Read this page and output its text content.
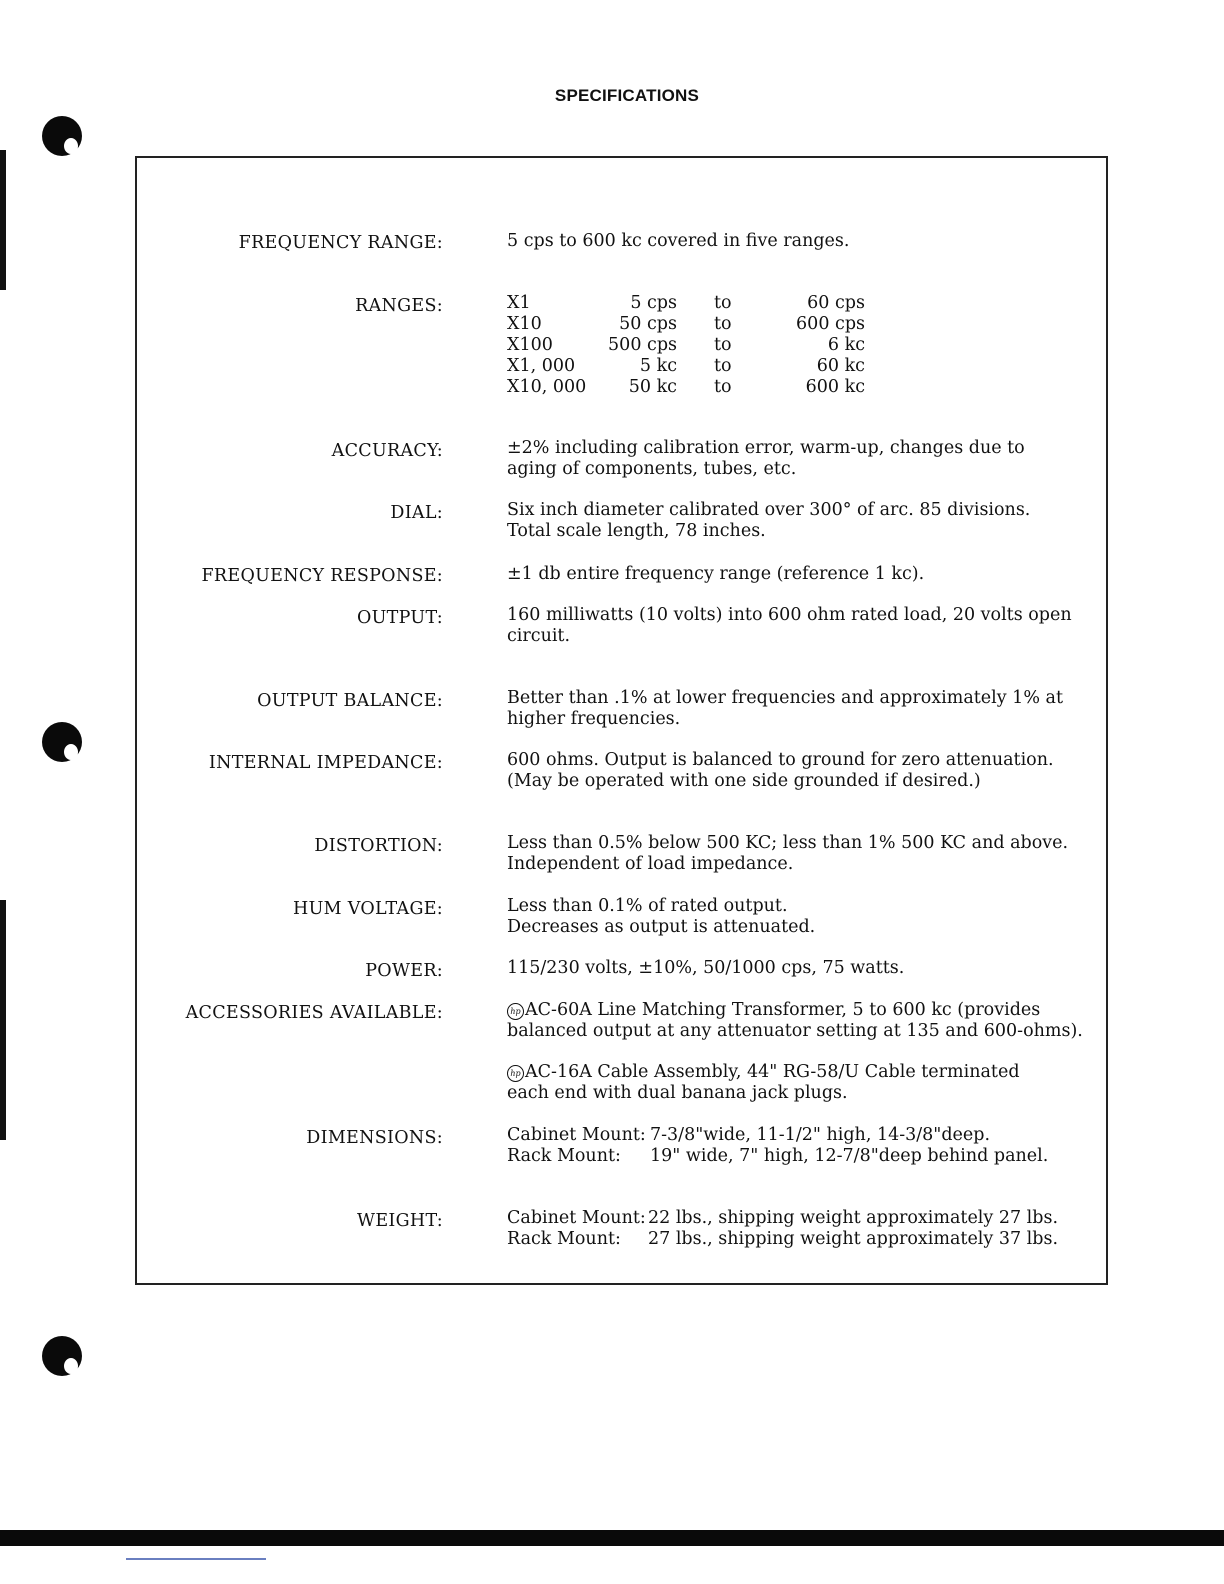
SPECIFICATIONS
FREQUENCY RANGE:	5 cps to 600 kc covered in five ranges.
RANGES:	X1	5 cps to	60 cps
X10	50 cps to	600 cps
X100	500 cps to	6 kc
X1, 000	5 kc to	60 kc
X10, 000	50 kc to	600 kc
ACCURACY:	±2% including calibration error, warm-up, changes due to
aging of components, tubes, etc.
DIAL:	Six inch diameter calibrated over 300° of arc. 85 divisions.
Total scale length, 78 inches.
FREQUENCY RESPONSE:	±1 db entire frequency range (reference 1 kc).
OUTPUT:	160 milliwatts (10 volts) into 600 ohm rated load, 20 volts open
circuit.
OUTPUT BALANCE:	Better than .1% at lower frequencies and approximately 1% at
higher frequencies.
INTERNAL IMPEDANCE:	600 ohms. Output is balanced to ground for zero attenuation.
(May be operated with one side grounded if desired.)
DISTORTION:	Less than 0.5% below 500 KC; less than 1% 500 KC and above.
Independent of load impedance.
HUM VOLTAGE:	Less than 0.1% of rated output.
Decreases as output is attenuated.
POWER:	115/230 volts, ±10%, 50/1000 cps, 75 watts.
ACCESSORIES AVAILABLE:	hp AC-60A Line Matching Transformer, 5 to 600 kc (provides
balanced output at any attenuator setting at 135 and 600-ohms).
hp AC-16A Cable Assembly, 44" RG-58/U Cable terminated
each end with dual banana jack plugs.
DIMENSIONS:	Cabinet Mount: 7-3/8"wide, 11-1/2" high, 14-3/8"deep.
Rack Mount: 19" wide, 7" high, 12-7/8"deep behind panel.
WEIGHT:	Cabinet Mount: 22 lbs., shipping weight approximately 27 lbs.
Rack Mount: 27 lbs., shipping weight approximately 37 lbs.
